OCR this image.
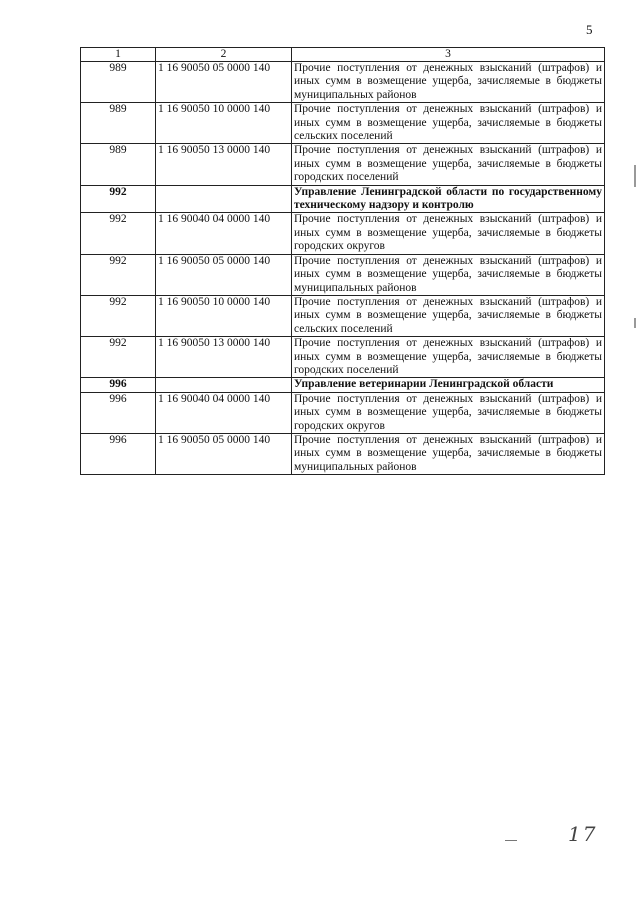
5
1	2	3
989	1 16 90050 05 0000 140	Прочие поступления от денежных взысканий (штрафов) и иных сумм в возмещение ущерба, зачисляемые в бюджеты муниципальных районов
989	1 16 90050 10 0000 140	Прочие поступления от денежных взысканий (штрафов) и иных сумм в возмещение ущерба, зачисляемые в бюджеты сельских поселений
989	1 16 90050 13 0000 140	Прочие поступления от денежных взысканий (штрафов) и иных сумм в возмещение ущерба, зачисляемые в бюджеты городских поселений
992		Управление Ленинградской области по государственному техническому надзору и контролю
992	1 16 90040 04 0000 140	Прочие поступления от денежных взысканий (штрафов) и иных сумм в возмещение ущерба, зачисляемые в бюджеты городских округов
992	1 16 90050 05 0000 140	Прочие поступления от денежных взысканий (штрафов) и иных сумм в возмещение ущерба, зачисляемые в бюджеты муниципальных районов
992	1 16 90050 10 0000 140	Прочие поступления от денежных взысканий (штрафов) и иных сумм в возмещение ущерба, зачисляемые в бюджеты сельских поселений
992	1 16 90050 13 0000 140	Прочие поступления от денежных взысканий (штрафов) и иных сумм в возмещение ущерба, зачисляемые в бюджеты городских поселений
996		Управление ветеринарии Ленинградской области
996	1 16 90040 04 0000 140	Прочие поступления от денежных взысканий (штрафов) и иных сумм в возмещение ущерба, зачисляемые в бюджеты городских округов
996	1 16 90050 05 0000 140	Прочие поступления от денежных взысканий (штрафов) и иных сумм в возмещение ущерба, зачисляемые в бюджеты муниципальных районов
17
